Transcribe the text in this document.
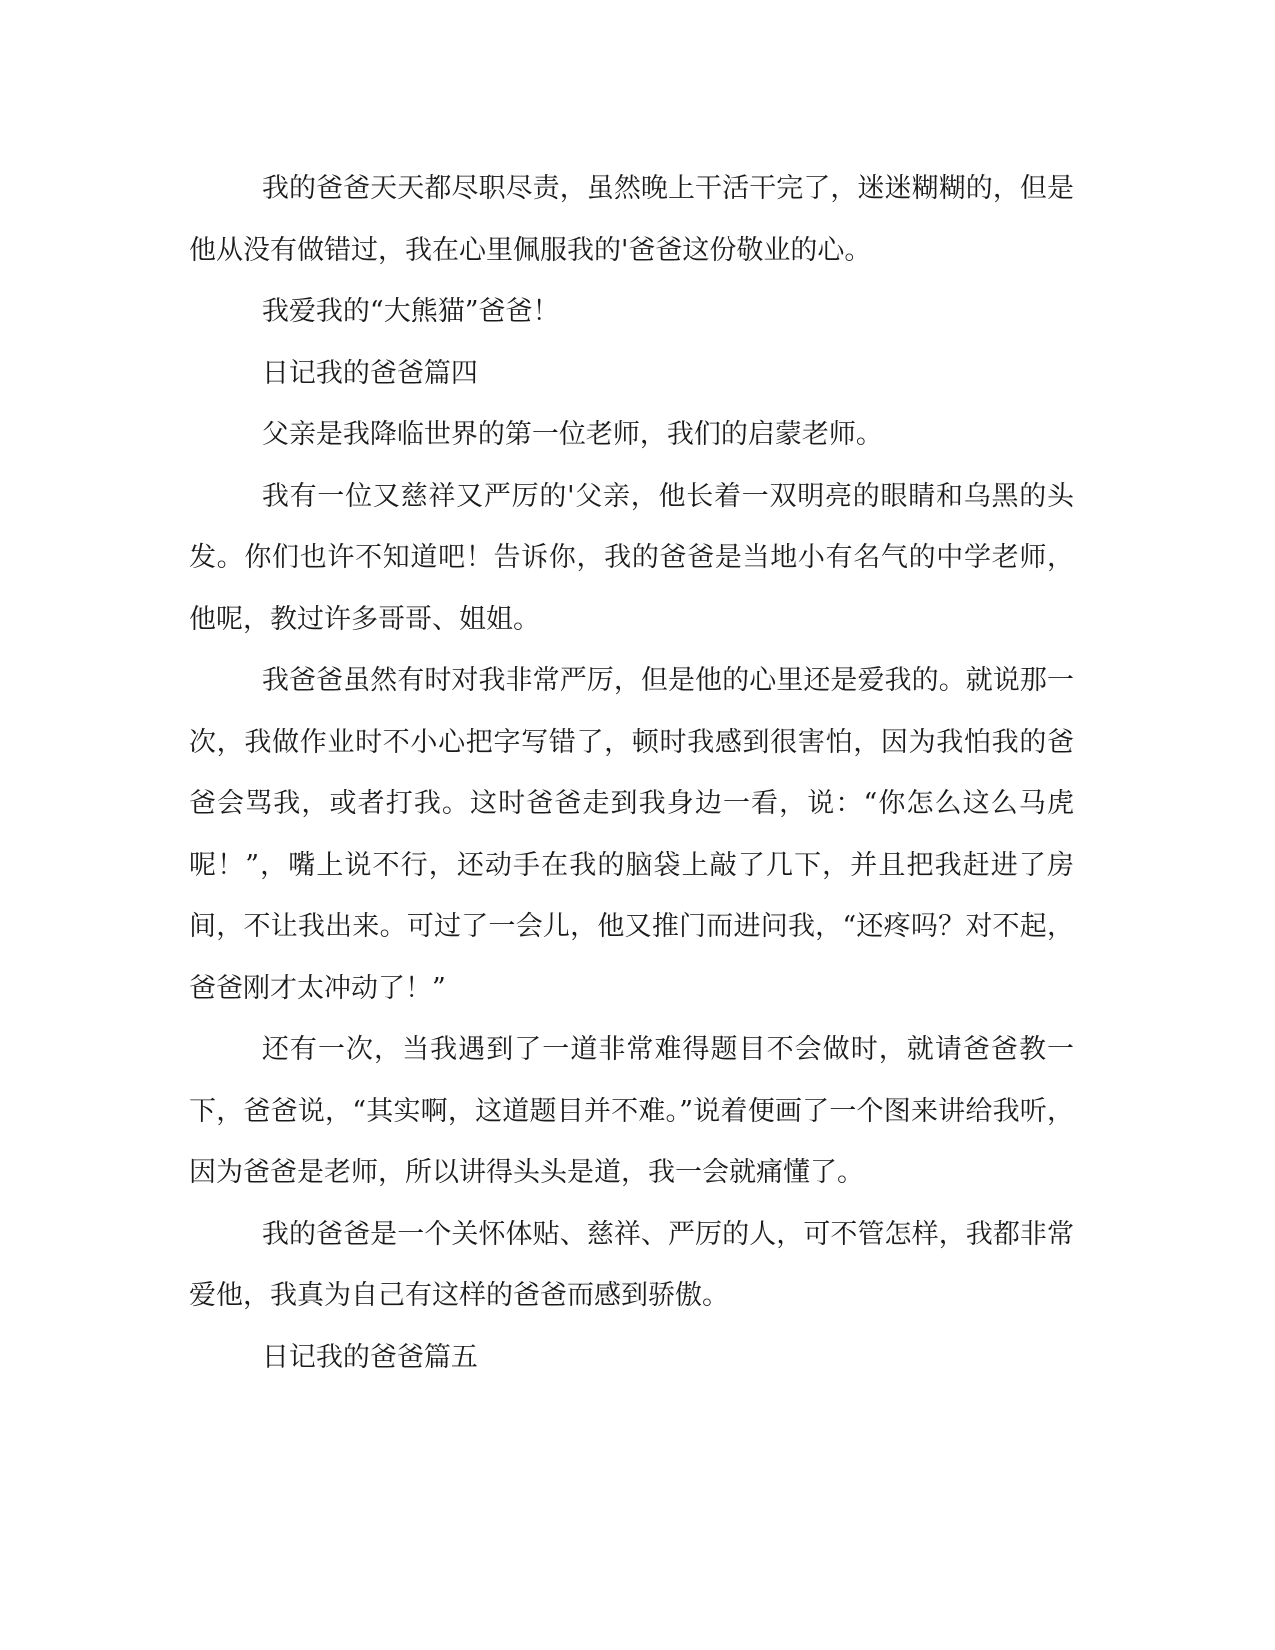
我的爸爸天天都尽职尽责，虽然晚上干活干完了，迷迷糊糊的，但是他从没有做错过，我在心里佩服我的'爸爸这份敬业的心。

我爱我的“大熊猫”爸爸！

日记我的爸爸篇四

父亲是我降临世界的第一位老师，我们的启蒙老师。

我有一位又慈祥又严厉的'父亲，他长着一双明亮的眼睛和乌黑的头发。你们也许不知道吧！告诉你，我的爸爸是当地小有名气的中学老师，他呢，教过许多哥哥、姐姐。

我爸爸虽然有时对我非常严厉，但是他的心里还是爱我的。就说那一次，我做作业时不小心把字写错了，顿时我感到很害怕，因为我怕我的爸爸会骂我，或者打我。这时爸爸走到我身边一看，说：“你怎么这么马虎呢！”，嘴上说不行，还动手在我的脑袋上敲了几下，并且把我赶进了房间，不让我出来。可过了一会儿，他又推门而进问我，“还疼吗？对不起，爸爸刚才太冲动了！”

还有一次，当我遇到了一道非常难得题目不会做时，就请爸爸教一下，爸爸说，“其实啊，这道题目并不难。”说着便画了一个图来讲给我听，因为爸爸是老师，所以讲得头头是道，我一会就痛懂了。

我的爸爸是一个关怀体贴、慈祥、严厉的人，可不管怎样，我都非常爱他，我真为自己有这样的爸爸而感到骄傲。

日记我的爸爸篇五
